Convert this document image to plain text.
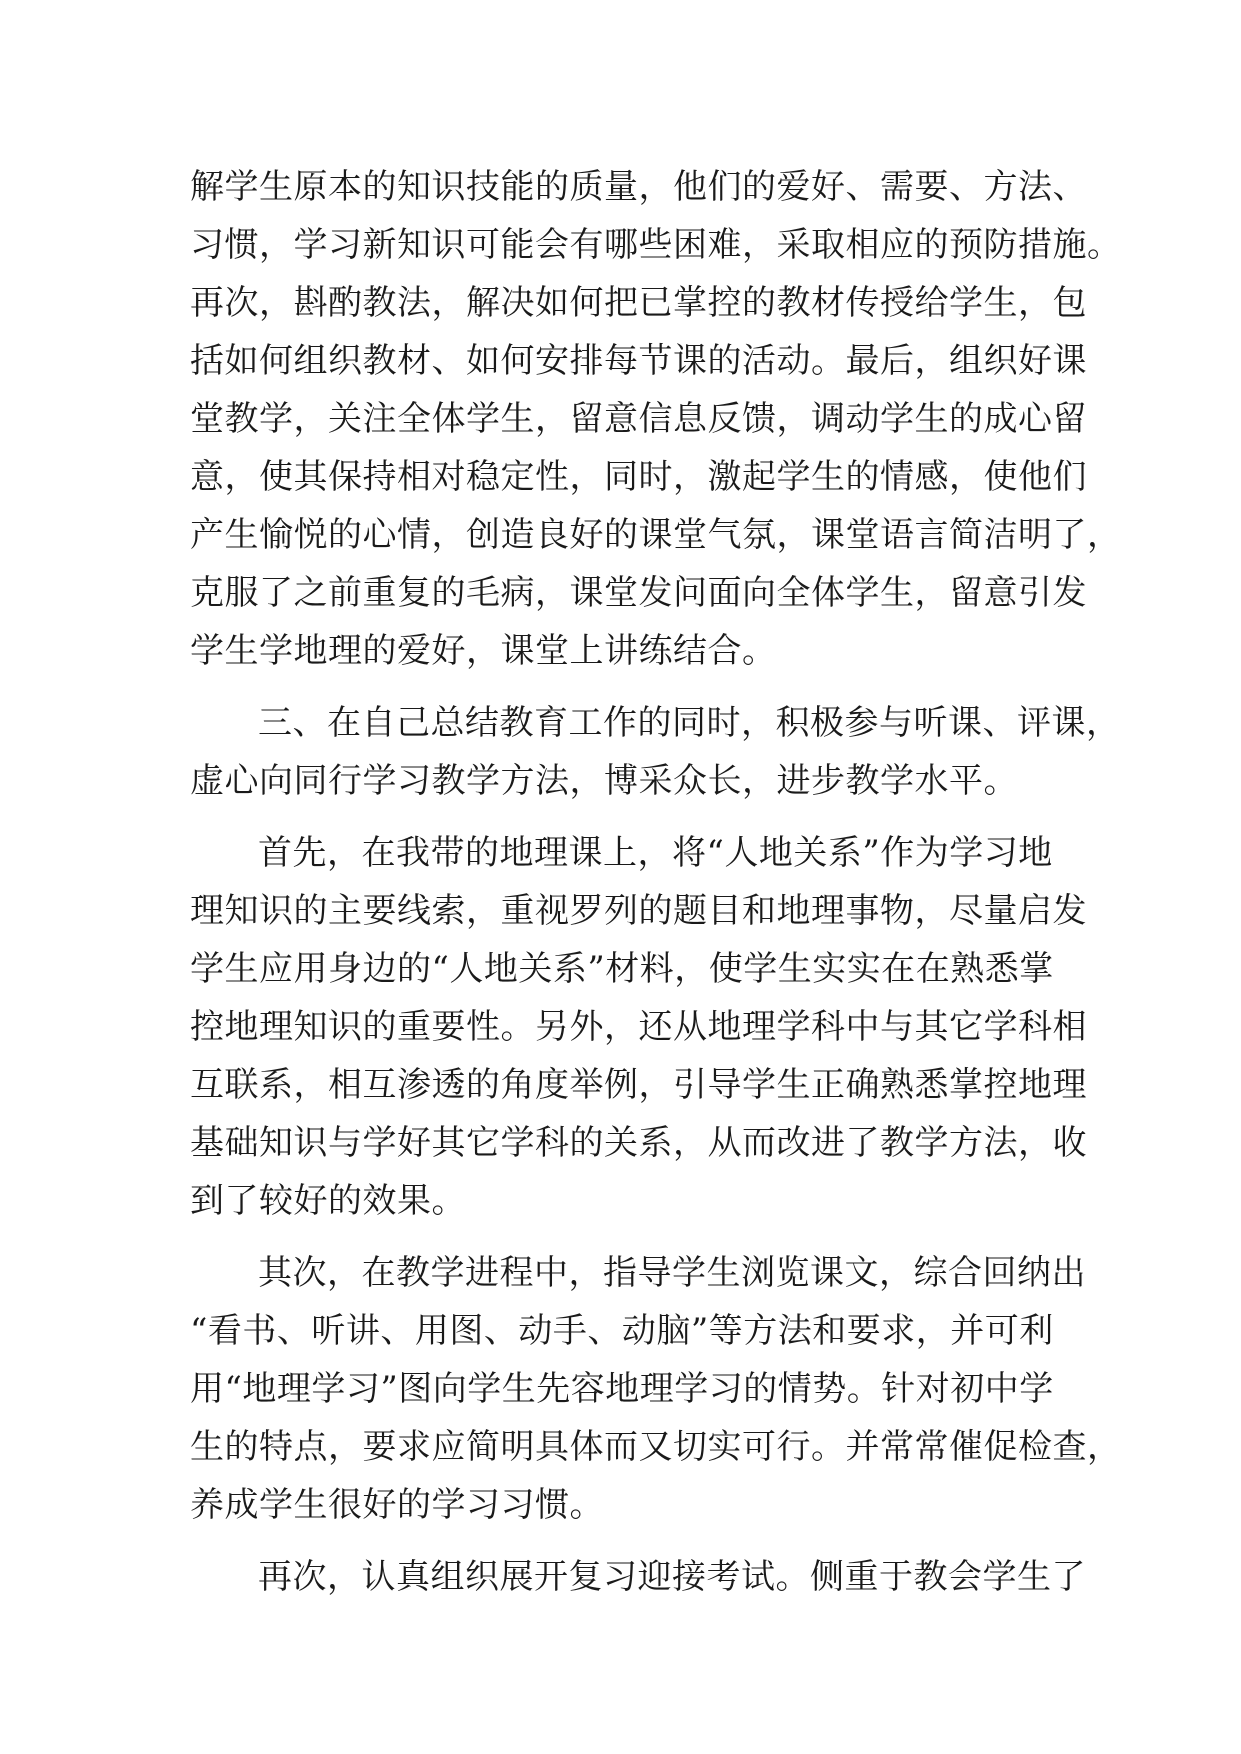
解学生原本的知识技能的质量，他们的爱好、需要、方法、
习惯，学习新知识可能会有哪些困难，采取相应的预防措施。
再次，斟酌教法，解决如何把已掌控的教材传授给学生，包
括如何组织教材、如何安排每节课的活动。最后，组织好课
堂教学，关注全体学生，留意信息反馈，调动学生的成心留
意，使其保持相对稳定性，同时，激起学生的情感，使他们
产生愉悦的心情，创造良好的课堂气氛，课堂语言简洁明了，
克服了之前重复的毛病，课堂发问面向全体学生，留意引发
学生学地理的爱好，课堂上讲练结合。
三、在自己总结教育工作的同时，积极参与听课、评课，
虚心向同行学习教学方法，博采众长，进步教学水平。
首先，在我带的地理课上，将“人地关系”作为学习地
理知识的主要线索，重视罗列的题目和地理事物，尽量启发
学生应用身边的“人地关系”材料，使学生实实在在熟悉掌
控地理知识的重要性。另外，还从地理学科中与其它学科相
互联系，相互渗透的角度举例，引导学生正确熟悉掌控地理
基础知识与学好其它学科的关系，从而改进了教学方法，收
到了较好的效果。
其次，在教学进程中，指导学生浏览课文，综合回纳出
“看书、听讲、用图、动手、动脑”等方法和要求，并可利
用“地理学习”图向学生先容地理学习的情势。针对初中学
生的特点，要求应简明具体而又切实可行。并常常催促检查，
养成学生很好的学习习惯。
再次，认真组织展开复习迎接考试。侧重于教会学生了
